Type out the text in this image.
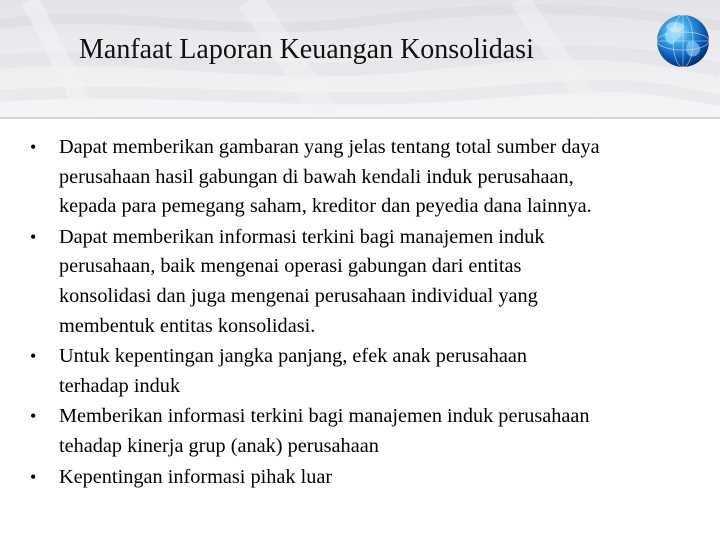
Manfaat Laporan Keuangan Konsolidasi
• Dapat memberikan gambaran yang jelas tentang total sumber daya
perusahaan hasil gabungan di bawah kendali induk perusahaan,
kepada para pemegang saham, kreditor dan peyedia dana lainnya.
• Dapat memberikan informasi terkini bagi manajemen induk
perusahaan, baik mengenai operasi gabungan dari entitas
konsolidasi dan juga mengenai perusahaan individual yang
membentuk entitas konsolidasi.
• Untuk kepentingan jangka panjang, efek anak perusahaan
terhadap induk
• Memberikan informasi terkini bagi manajemen induk perusahaan
tehadap kinerja grup (anak) perusahaan
• Kepentingan informasi pihak luar
